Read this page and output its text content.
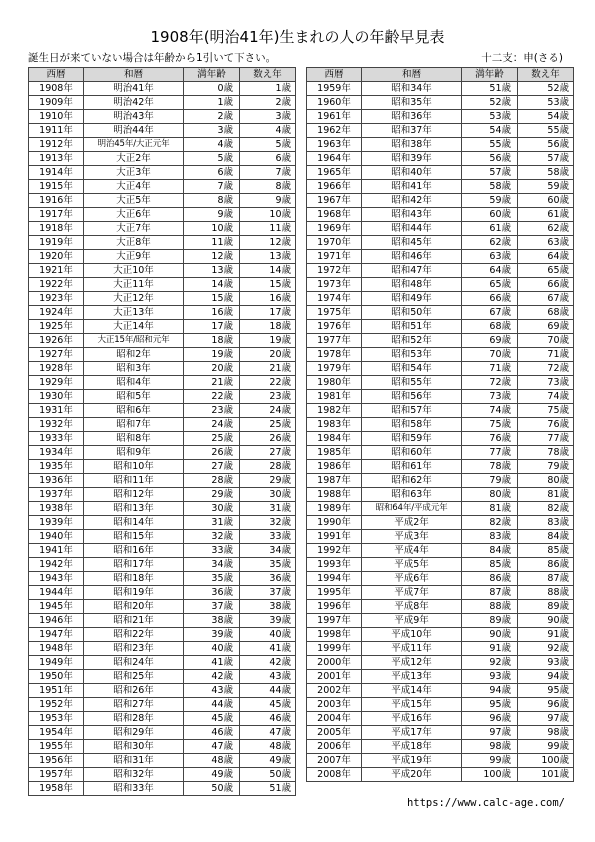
1908年(明治41年)生まれの人の年齢早見表
誕生日が来ていない場合は年齢から1引いて下さい。	十二支：申(さる)
西暦	和暦	満年齢	数え年
1908年	明治41年	0歳	1歳
1909年	明治42年	1歳	2歳
1910年	明治43年	2歳	3歳
1911年	明治44年	3歳	4歳
1912年	明治45年/大正元年	4歳	5歳
1913年	大正2年	5歳	6歳
1914年	大正3年	6歳	7歳
1915年	大正4年	7歳	8歳
1916年	大正5年	8歳	9歳
1917年	大正6年	9歳	10歳
1918年	大正7年	10歳	11歳
1919年	大正8年	11歳	12歳
1920年	大正9年	12歳	13歳
1921年	大正10年	13歳	14歳
1922年	大正11年	14歳	15歳
1923年	大正12年	15歳	16歳
1924年	大正13年	16歳	17歳
1925年	大正14年	17歳	18歳
1926年	大正15年/昭和元年	18歳	19歳
1927年	昭和2年	19歳	20歳
1928年	昭和3年	20歳	21歳
1929年	昭和4年	21歳	22歳
1930年	昭和5年	22歳	23歳
1931年	昭和6年	23歳	24歳
1932年	昭和7年	24歳	25歳
1933年	昭和8年	25歳	26歳
1934年	昭和9年	26歳	27歳
1935年	昭和10年	27歳	28歳
1936年	昭和11年	28歳	29歳
1937年	昭和12年	29歳	30歳
1938年	昭和13年	30歳	31歳
1939年	昭和14年	31歳	32歳
1940年	昭和15年	32歳	33歳
1941年	昭和16年	33歳	34歳
1942年	昭和17年	34歳	35歳
1943年	昭和18年	35歳	36歳
1944年	昭和19年	36歳	37歳
1945年	昭和20年	37歳	38歳
1946年	昭和21年	38歳	39歳
1947年	昭和22年	39歳	40歳
1948年	昭和23年	40歳	41歳
1949年	昭和24年	41歳	42歳
1950年	昭和25年	42歳	43歳
1951年	昭和26年	43歳	44歳
1952年	昭和27年	44歳	45歳
1953年	昭和28年	45歳	46歳
1954年	昭和29年	46歳	47歳
1955年	昭和30年	47歳	48歳
1956年	昭和31年	48歳	49歳
1957年	昭和32年	49歳	50歳
1958年	昭和33年	50歳	51歳
西暦	和暦	満年齢	数え年
1959年	昭和34年	51歳	52歳
1960年	昭和35年	52歳	53歳
1961年	昭和36年	53歳	54歳
1962年	昭和37年	54歳	55歳
1963年	昭和38年	55歳	56歳
1964年	昭和39年	56歳	57歳
1965年	昭和40年	57歳	58歳
1966年	昭和41年	58歳	59歳
1967年	昭和42年	59歳	60歳
1968年	昭和43年	60歳	61歳
1969年	昭和44年	61歳	62歳
1970年	昭和45年	62歳	63歳
1971年	昭和46年	63歳	64歳
1972年	昭和47年	64歳	65歳
1973年	昭和48年	65歳	66歳
1974年	昭和49年	66歳	67歳
1975年	昭和50年	67歳	68歳
1976年	昭和51年	68歳	69歳
1977年	昭和52年	69歳	70歳
1978年	昭和53年	70歳	71歳
1979年	昭和54年	71歳	72歳
1980年	昭和55年	72歳	73歳
1981年	昭和56年	73歳	74歳
1982年	昭和57年	74歳	75歳
1983年	昭和58年	75歳	76歳
1984年	昭和59年	76歳	77歳
1985年	昭和60年	77歳	78歳
1986年	昭和61年	78歳	79歳
1987年	昭和62年	79歳	80歳
1988年	昭和63年	80歳	81歳
1989年	昭和64年/平成元年	81歳	82歳
1990年	平成2年	82歳	83歳
1991年	平成3年	83歳	84歳
1992年	平成4年	84歳	85歳
1993年	平成5年	85歳	86歳
1994年	平成6年	86歳	87歳
1995年	平成7年	87歳	88歳
1996年	平成8年	88歳	89歳
1997年	平成9年	89歳	90歳
1998年	平成10年	90歳	91歳
1999年	平成11年	91歳	92歳
2000年	平成12年	92歳	93歳
2001年	平成13年	93歳	94歳
2002年	平成14年	94歳	95歳
2003年	平成15年	95歳	96歳
2004年	平成16年	96歳	97歳
2005年	平成17年	97歳	98歳
2006年	平成18年	98歳	99歳
2007年	平成19年	99歳	100歳
2008年	平成20年	100歳	101歳
https://www.calc-age.com/
